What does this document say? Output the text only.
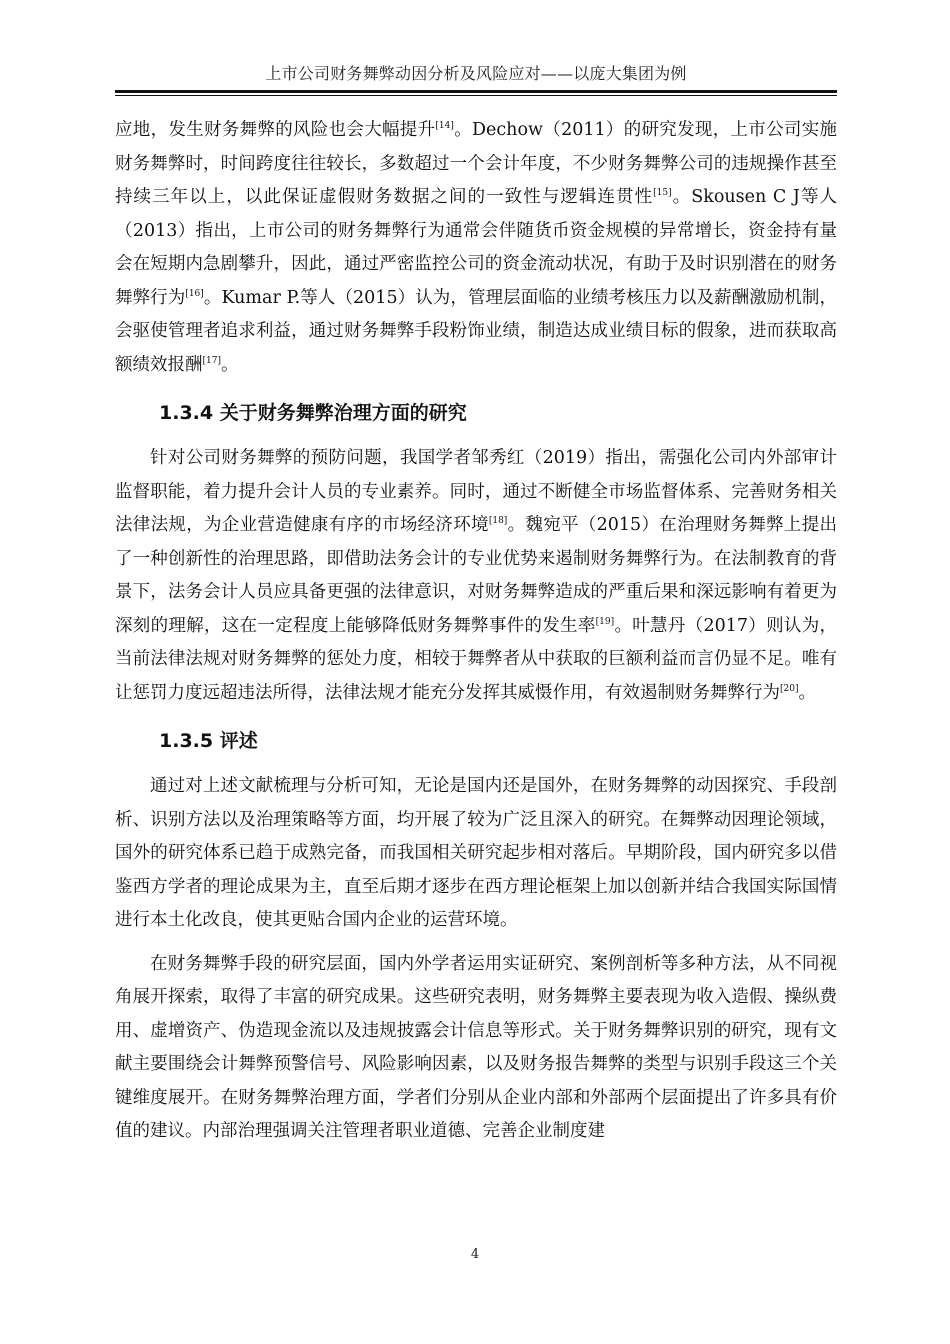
上市公司财务舞弊动因分析及风险应对——以庞大集团为例

应地，发生财务舞弊的风险也会大幅提升[14]。Dechow（2011）的研究发现，上市公司实施财务舞弊时，时间跨度往往较长，多数超过一个会计年度，不少财务舞弊公司的违规操作甚至持续三年以上，以此保证虚假财务数据之间的一致性与逻辑连贯性[15]。Skousen C J等人（2013）指出，上市公司的财务舞弊行为通常会伴随货币资金规模的异常增长，资金持有量会在短期内急剧攀升，因此，通过严密监控公司的资金流动状况，有助于及时识别潜在的财务舞弊行为[16]。Kumar P.等人（2015）认为，管理层面临的业绩考核压力以及薪酬激励机制，会驱使管理者追求利益，通过财务舞弊手段粉饰业绩，制造达成业绩目标的假象，进而获取高额绩效报酬[17]。

1.3.4 关于财务舞弊治理方面的研究

针对公司财务舞弊的预防问题，我国学者邹秀红（2019）指出，需强化公司内外部审计监督职能，着力提升会计人员的专业素养。同时，通过不断健全市场监督体系、完善财务相关法律法规，为企业营造健康有序的市场经济环境[18]。魏宛平（2015）在治理财务舞弊上提出了一种创新性的治理思路，即借助法务会计的专业优势来遏制财务舞弊行为。在法制教育的背景下，法务会计人员应具备更强的法律意识，对财务舞弊造成的严重后果和深远影响有着更为深刻的理解，这在一定程度上能够降低财务舞弊事件的发生率[19]。叶慧丹（2017）则认为，当前法律法规对财务舞弊的惩处力度，相较于舞弊者从中获取的巨额利益而言仍显不足。唯有让惩罚力度远超违法所得，法律法规才能充分发挥其威慑作用，有效遏制财务舞弊行为[20]。

1.3.5 评述

通过对上述文献梳理与分析可知，无论是国内还是国外，在财务舞弊的动因探究、手段剖析、识别方法以及治理策略等方面，均开展了较为广泛且深入的研究。在舞弊动因理论领域，国外的研究体系已趋于成熟完备，而我国相关研究起步相对落后。早期阶段，国内研究多以借鉴西方学者的理论成果为主，直至后期才逐步在西方理论框架上加以创新并结合我国实际国情进行本土化改良，使其更贴合国内企业的运营环境。

在财务舞弊手段的研究层面，国内外学者运用实证研究、案例剖析等多种方法，从不同视角展开探索，取得了丰富的研究成果。这些研究表明，财务舞弊主要表现为收入造假、操纵费用、虚增资产、伪造现金流以及违规披露会计信息等形式。关于财务舞弊识别的研究，现有文献主要围绕会计舞弊预警信号、风险影响因素，以及财务报告舞弊的类型与识别手段这三个关键维度展开。在财务舞弊治理方面，学者们分别从企业内部和外部两个层面提出了许多具有价值的建议。内部治理强调关注管理者职业道德、完善企业制度建

4
